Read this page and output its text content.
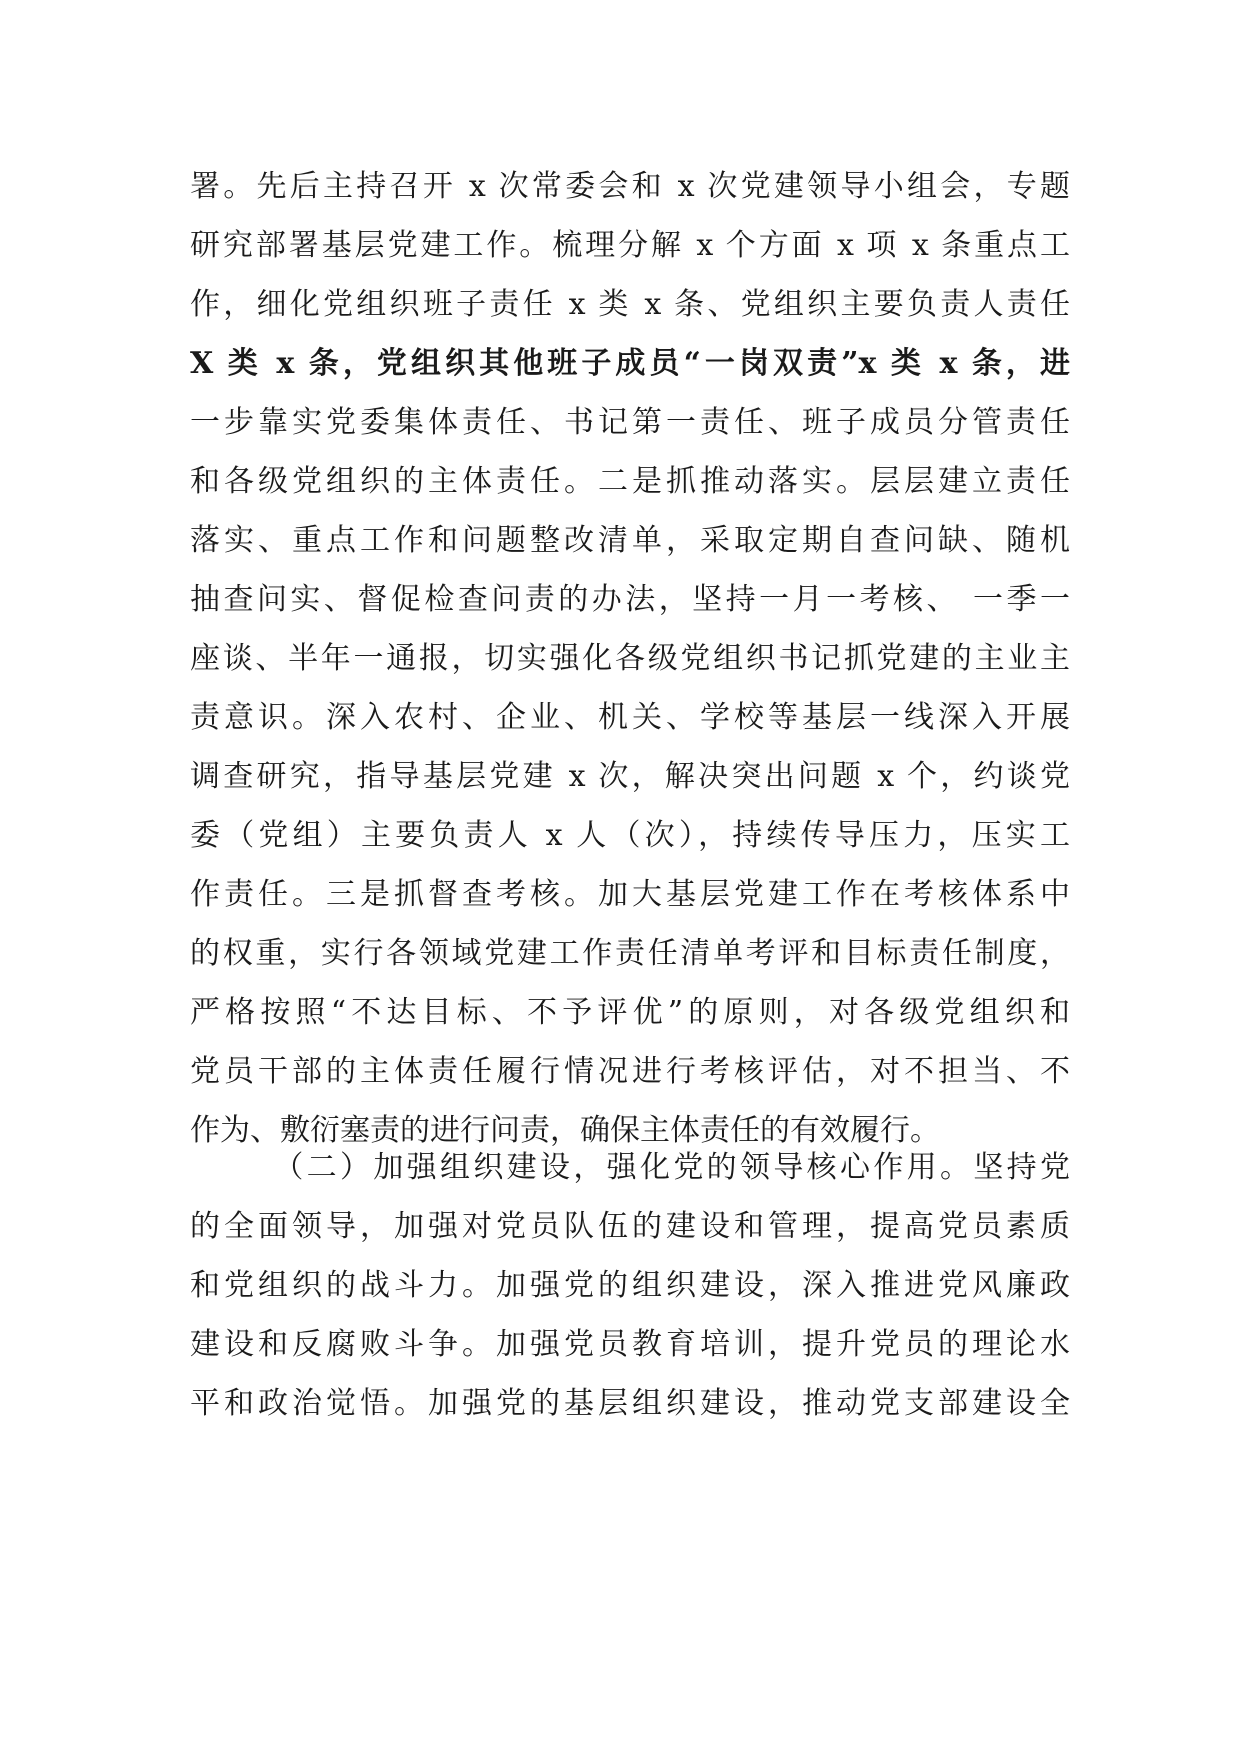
署。先后主持召开 x 次常委会和 x 次党建领导小组会，专题
研究部署基层党建工作。梳理分解 x 个方面 x 项 x 条重点工
作，细化党组织班子责任 x 类 x 条、党组织主要负责人责任
X 类 x 条，党组织其他班子成员“一岗双责”x 类 x 条，进
一步靠实党委集体责任、书记第一责任、班子成员分管责任
和各级党组织的主体责任。二是抓推动落实。层层建立责任
落实、重点工作和问题整改清单，采取定期自查问缺、随机
抽查问实、督促检查问责的办法，坚持一月一考核、 一季一
座谈、半年一通报，切实强化各级党组织书记抓党建的主业主
责意识。深入农村、企业、机关、学校等基层一线深入开展
调查研究，指导基层党建 x 次，解决突出问题 x 个，约谈党
委（党组）主要负责人 x 人（次），持续传导压力，压实工
作责任。三是抓督查考核。加大基层党建工作在考核体系中
的权重，实行各领域党建工作责任清单考评和目标责任制度，
严格按照“不达目标、不予评优”的原则，对各级党组织和
党员干部的主体责任履行情况进行考核评估，对不担当、不
作为、敷衍塞责的进行问责，确保主体责任的有效履行。
（二）加强组织建设，强化党的领导核心作用。坚持党
的全面领导，加强对党员队伍的建设和管理，提高党员素质
和党组织的战斗力。加强党的组织建设，深入推进党风廉政
建设和反腐败斗争。加强党员教育培训，提升党员的理论水
平和政治觉悟。加强党的基层组织建设，推动党支部建设全
